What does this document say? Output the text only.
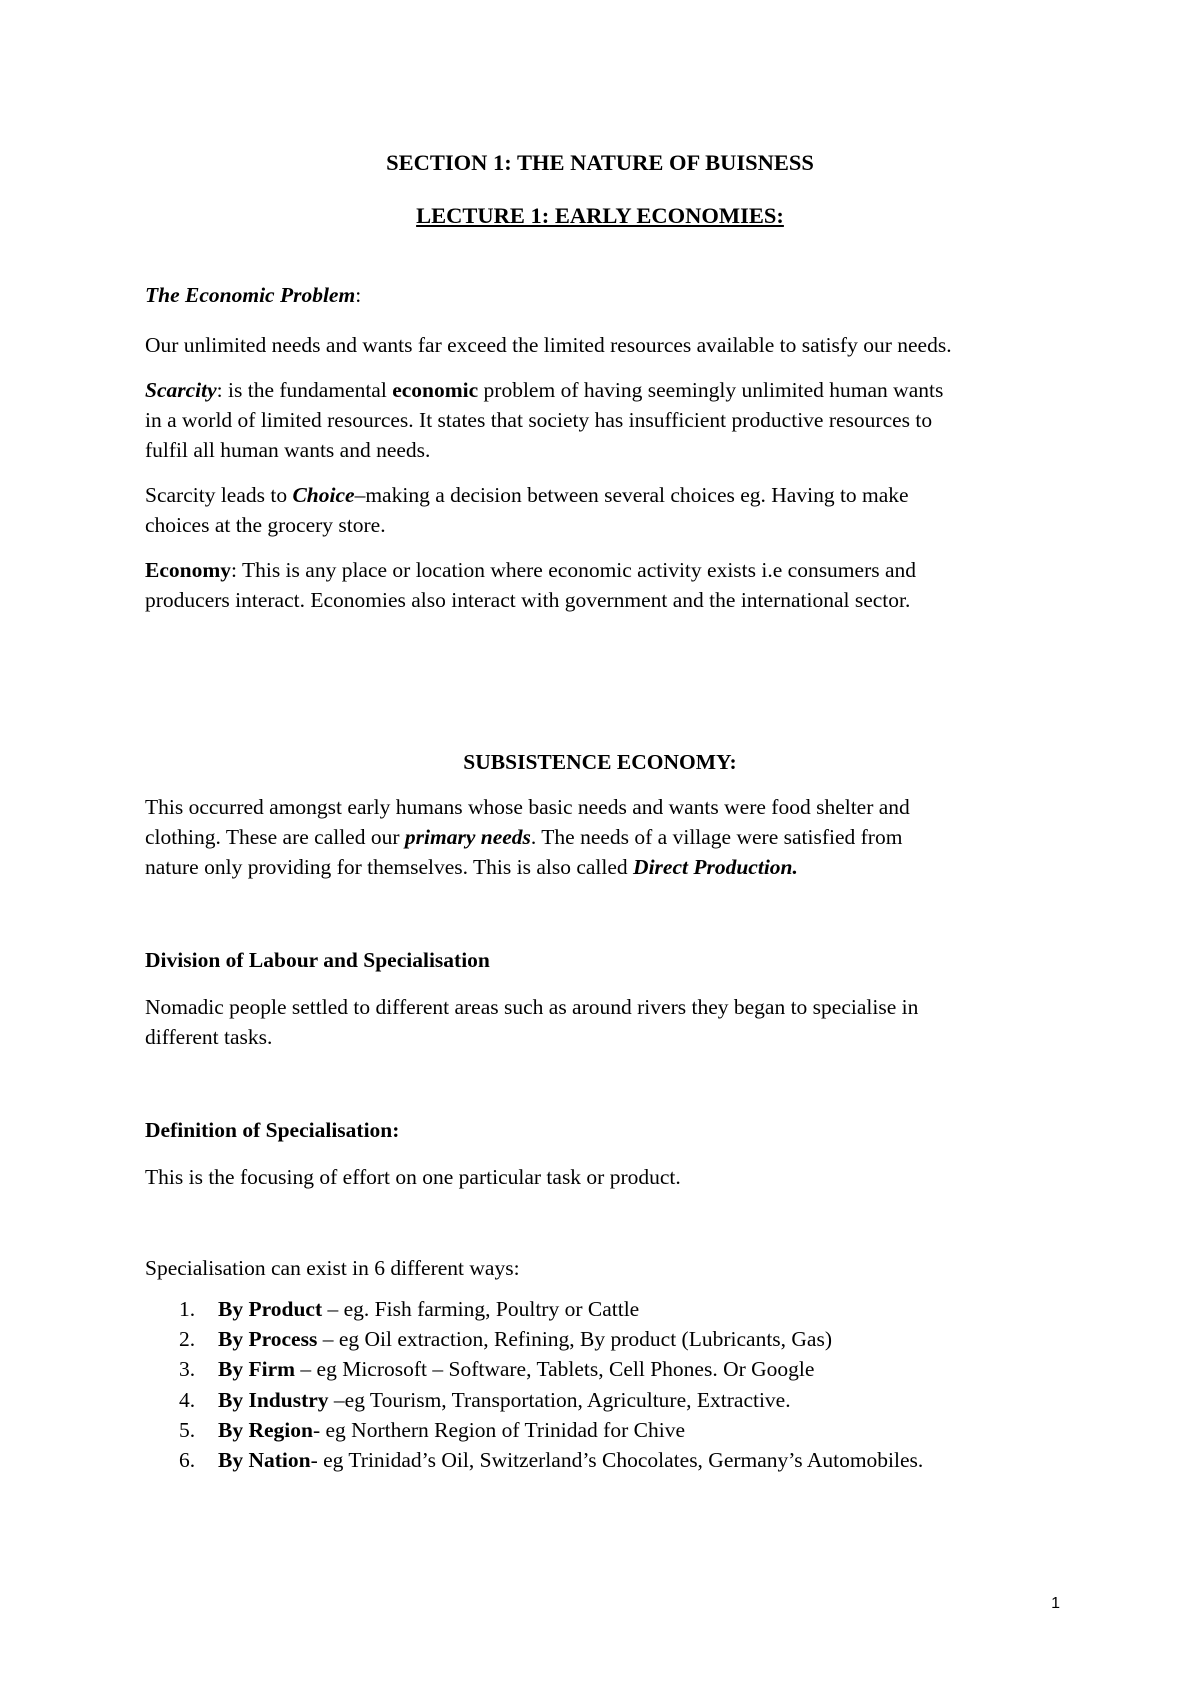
SECTION 1: THE NATURE OF BUISNESS

LECTURE 1: EARLY ECONOMIES:

The Economic Problem:

Our unlimited needs and wants far exceed the limited resources available to satisfy our needs.

Scarcity: is the fundamental economic problem of having seemingly unlimited human wants

in a world of limited resources. It states that society has insufficient productive resources to

fulfil all human wants and needs.

Scarcity leads to Choice–making a decision between several choices eg. Having to make

choices at the grocery store.

Economy: This is any place or location where economic activity exists i.e consumers and

producers interact. Economies also interact with government and the international sector.

SUBSISTENCE ECONOMY:

This occurred amongst early humans whose basic needs and wants were food shelter and

clothing. These are called our primary needs. The needs of a village were satisfied from

nature only providing for themselves. This is also called Direct Production.

Division of Labour and Specialisation

Nomadic people settled to different areas such as around rivers they began to specialise in

different tasks.

Definition of Specialisation:

This is the focusing of effort on one particular task or product.

Specialisation can exist in 6 different ways:

1. By Product – eg. Fish farming, Poultry or Cattle
2. By Process – eg Oil extraction, Refining, By product (Lubricants, Gas)
3. By Firm – eg Microsoft – Software, Tablets, Cell Phones. Or Google
4. By Industry –eg Tourism, Transportation, Agriculture, Extractive.
5. By Region- eg Northern Region of Trinidad for Chive
6. By Nation- eg Trinidad’s Oil, Switzerland’s Chocolates, Germany’s Automobiles.
1
